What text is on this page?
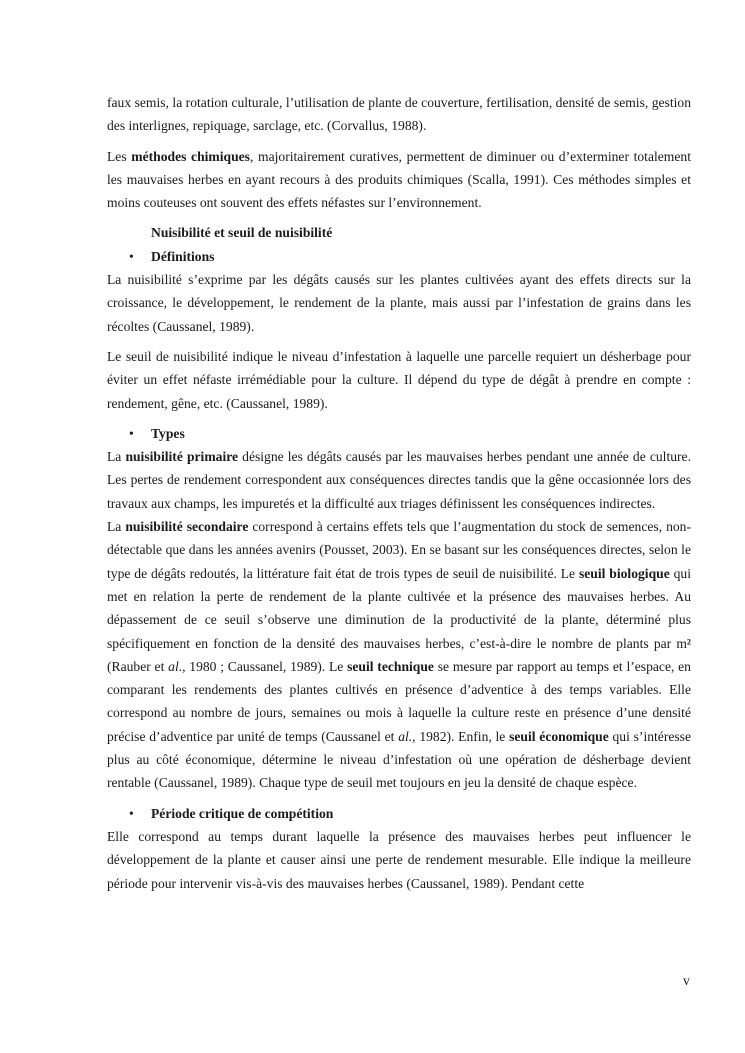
faux semis, la rotation culturale, l’utilisation de plante de couverture, fertilisation, densité de semis, gestion des interlignes, repiquage, sarclage, etc. (Corvallus, 1988).

Les méthodes chimiques, majoritairement curatives, permettent de diminuer ou d’exterminer totalement les mauvaises herbes en ayant recours à des produits chimiques (Scalla, 1991). Ces méthodes simples et moins couteuses ont souvent des effets néfastes sur l’environnement.

Nuisibilité et seuil de nuisibilité

• Définitions

La nuisibilité s’exprime par les dégâts causés sur les plantes cultivées ayant des effets directs sur la croissance, le développement, le rendement de la plante, mais aussi par l’infestation de grains dans les récoltes (Caussanel, 1989).

Le seuil de nuisibilité indique le niveau d’infestation à laquelle une parcelle requiert un désherbage pour éviter un effet néfaste irrémédiable pour la culture. Il dépend du type de dégât à prendre en compte : rendement, gêne, etc. (Caussanel, 1989).

• Types

La nuisibilité primaire désigne les dégâts causés par les mauvaises herbes pendant une année de culture. Les pertes de rendement correspondent aux conséquences directes tandis que la gêne occasionnée lors des travaux aux champs, les impuretés et la difficulté aux triages définissent les conséquences indirectes.

La nuisibilité secondaire correspond à certains effets tels que l’augmentation du stock de semences, non-détectable que dans les années avenirs (Pousset, 2003). En se basant sur les conséquences directes, selon le type de dégâts redoutés, la littérature fait état de trois types de seuil de nuisibilité. Le seuil biologique qui met en relation la perte de rendement de la plante cultivée et la présence des mauvaises herbes. Au dépassement de ce seuil s’observe une diminution de la productivité de la plante, déterminé plus spécifiquement en fonction de la densité des mauvaises herbes, c’est-à-dire le nombre de plants par m² (Rauber et al., 1980 ; Caussanel, 1989). Le seuil technique se mesure par rapport au temps et l’espace, en comparant les rendements des plantes cultivés en présence d’adventice à des temps variables. Elle correspond au nombre de jours, semaines ou mois à laquelle la culture reste en présence d’une densité précise d’adventice par unité de temps (Caussanel et al., 1982). Enfin, le seuil économique qui s’intéresse plus au côté économique, détermine le niveau d’infestation où une opération de désherbage devient rentable (Caussanel, 1989). Chaque type de seuil met toujours en jeu la densité de chaque espèce.

• Période critique de compétition

Elle correspond au temps durant laquelle la présence des mauvaises herbes peut influencer le développement de la plante et causer ainsi une perte de rendement mesurable. Elle indique la meilleure période pour intervenir vis-à-vis des mauvaises herbes (Caussanel, 1989). Pendant cette

v
